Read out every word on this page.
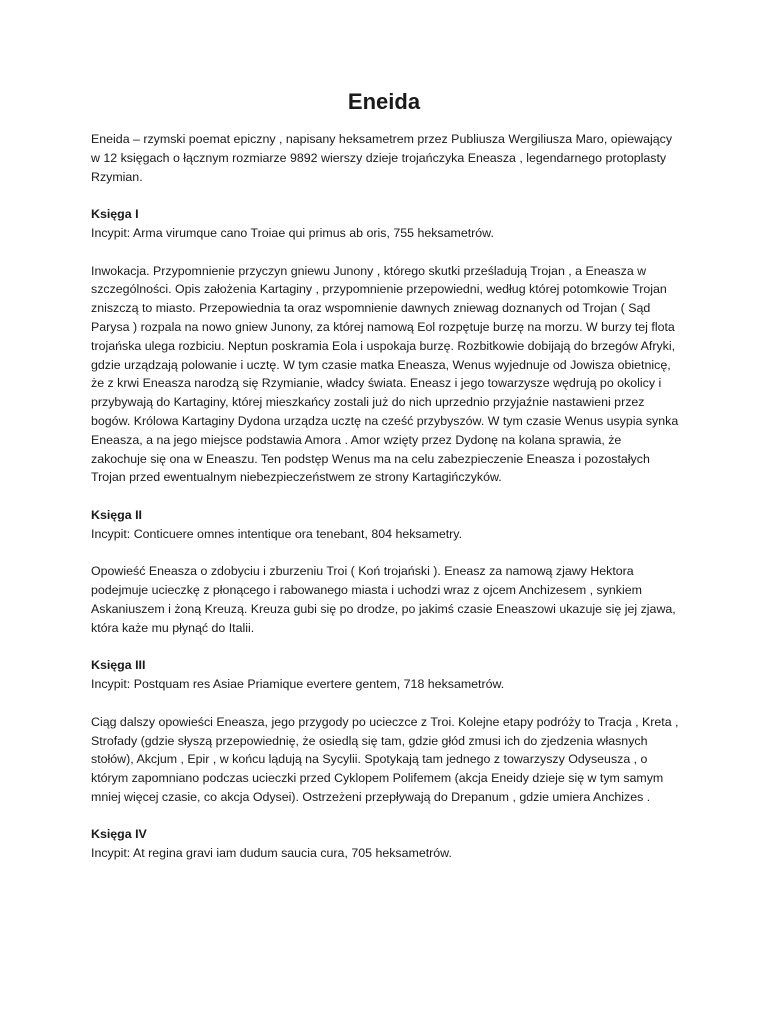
Eneida

Eneida – rzymski poemat epiczny , napisany heksametrem przez Publiusza Wergiliusza Maro, opiewający w 12 księgach o łącznym rozmiarze 9892 wierszy dzieje trojańczyka Eneasza , legendarnego protoplasty Rzymian.

Księga I

Incypit: Arma virumque cano Troiae qui primus ab oris, 755 heksametrów.

Inwokacja. Przypomnienie przyczyn gniewu Junony , którego skutki prześladują Trojan , a Eneasza w szczególności. Opis założenia Kartaginy , przypomnienie przepowiedni, według której potomkowie Trojan zniszczą to miasto. Przepowiednia ta oraz wspomnienie dawnych zniewag doznanych od Trojan ( Sąd Parysa ) rozpala na nowo gniew Junony, za której namową Eol rozpętuje burzę na morzu. W burzy tej flota trojańska ulega rozbiciu. Neptun poskramia Eola i uspokaja burzę. Rozbitkowie dobijają do brzegów Afryki, gdzie urządzają polowanie i ucztę. W tym czasie matka Eneasza, Wenus wyjednuje od Jowisza obietnicę, że z krwi Eneasza narodzą się Rzymianie, władcy świata. Eneasz i jego towarzysze wędrują po okolicy i przybywają do Kartaginy, której mieszkańcy zostali już do nich uprzednio przyjaźnie nastawieni przez bogów. Królowa Kartaginy Dydona urządza ucztę na cześć przybyszów. W tym czasie Wenus usypia synka Eneasza, a na jego miejsce podstawia Amora . Amor wzięty przez Dydonę na kolana sprawia, że zakochuje się ona w Eneaszu. Ten podstęp Wenus ma na celu zabezpieczenie Eneasza i pozostałych Trojan przed ewentualnym niebezpieczeństwem ze strony Kartagińczyków.

Księga II

Incypit: Conticuere omnes intentique ora tenebant, 804 heksametry.

Opowieść Eneasza o zdobyciu i zburzeniu Troi ( Koń trojański ). Eneasz za namową zjawy Hektora podejmuje ucieczkę z płonącego i rabowanego miasta i uchodzi wraz z ojcem Anchizesem , synkiem Askaniuszem i żoną Kreuzą. Kreuza gubi się po drodze, po jakimś czasie Eneaszowi ukazuje się jej zjawa, która każe mu płynąć do Italii.

Księga III

Incypit: Postquam res Asiae Priamique evertere gentem, 718 heksametrów.

Ciąg dalszy opowieści Eneasza, jego przygody po ucieczce z Troi. Kolejne etapy podróży to Tracja , Kreta , Strofady (gdzie słyszą przepowiednię, że osiedlą się tam, gdzie głód zmusi ich do zjedzenia własnych stołów), Akcjum , Epir , w końcu lądują na Sycylii. Spotykają tam jednego z towarzyszy Odyseusza , o którym zapomniano podczas ucieczki przed Cyklopem Polifemem (akcja Eneidy dzieje się w tym samym mniej więcej czasie, co akcja Odysei). Ostrzeżeni przepływają do Drepanum , gdzie umiera Anchizes .

Księga IV

Incypit: At regina gravi iam dudum saucia cura, 705 heksametrów.
